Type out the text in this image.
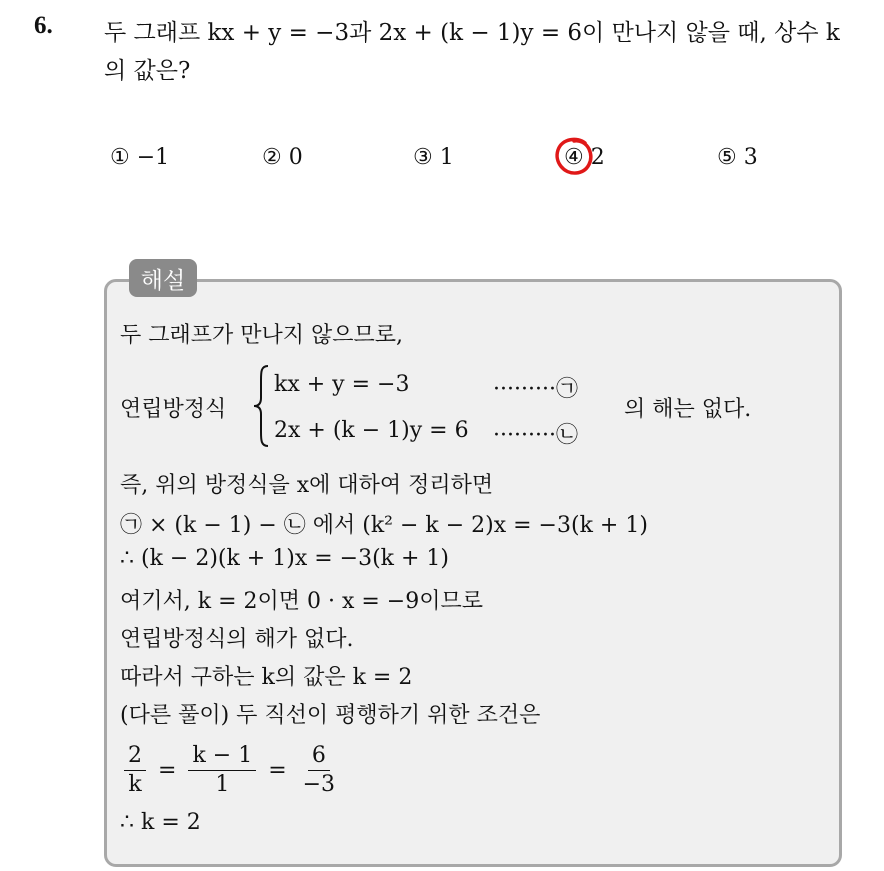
6. 두 그래프 kx + y = −3과 2x + (k − 1)y = 6이 만나지 않을 때, 상수 k
의 값은?
① −1	② 0	③ 1	④ 2	⑤ 3
해설
두 그래프가 만나지 않으므로,
연립방정식
kx + y = −3	·········㉠
2x + (k − 1)y = 6 ·········㉡
의 해는 없다.
즉, 위의 방정식을 x에 대하여 정리하면
㉠ × (k − 1) − ㉡ 에서 (k² − k − 2)x = −3(k + 1)
∴ (k − 2)(k + 1)x = −3(k + 1)
여기서, k = 2이면 0 · x = −9이므로
연립방정식의 해가 없다.
따라서 구하는 k의 값은 k = 2
(다른 풀이) 두 직선이 평행하기 위한 조건은
$\frac{2}{k} = \frac{k - 1}{1} = \frac{6}{-3}$
∴ k = 2
